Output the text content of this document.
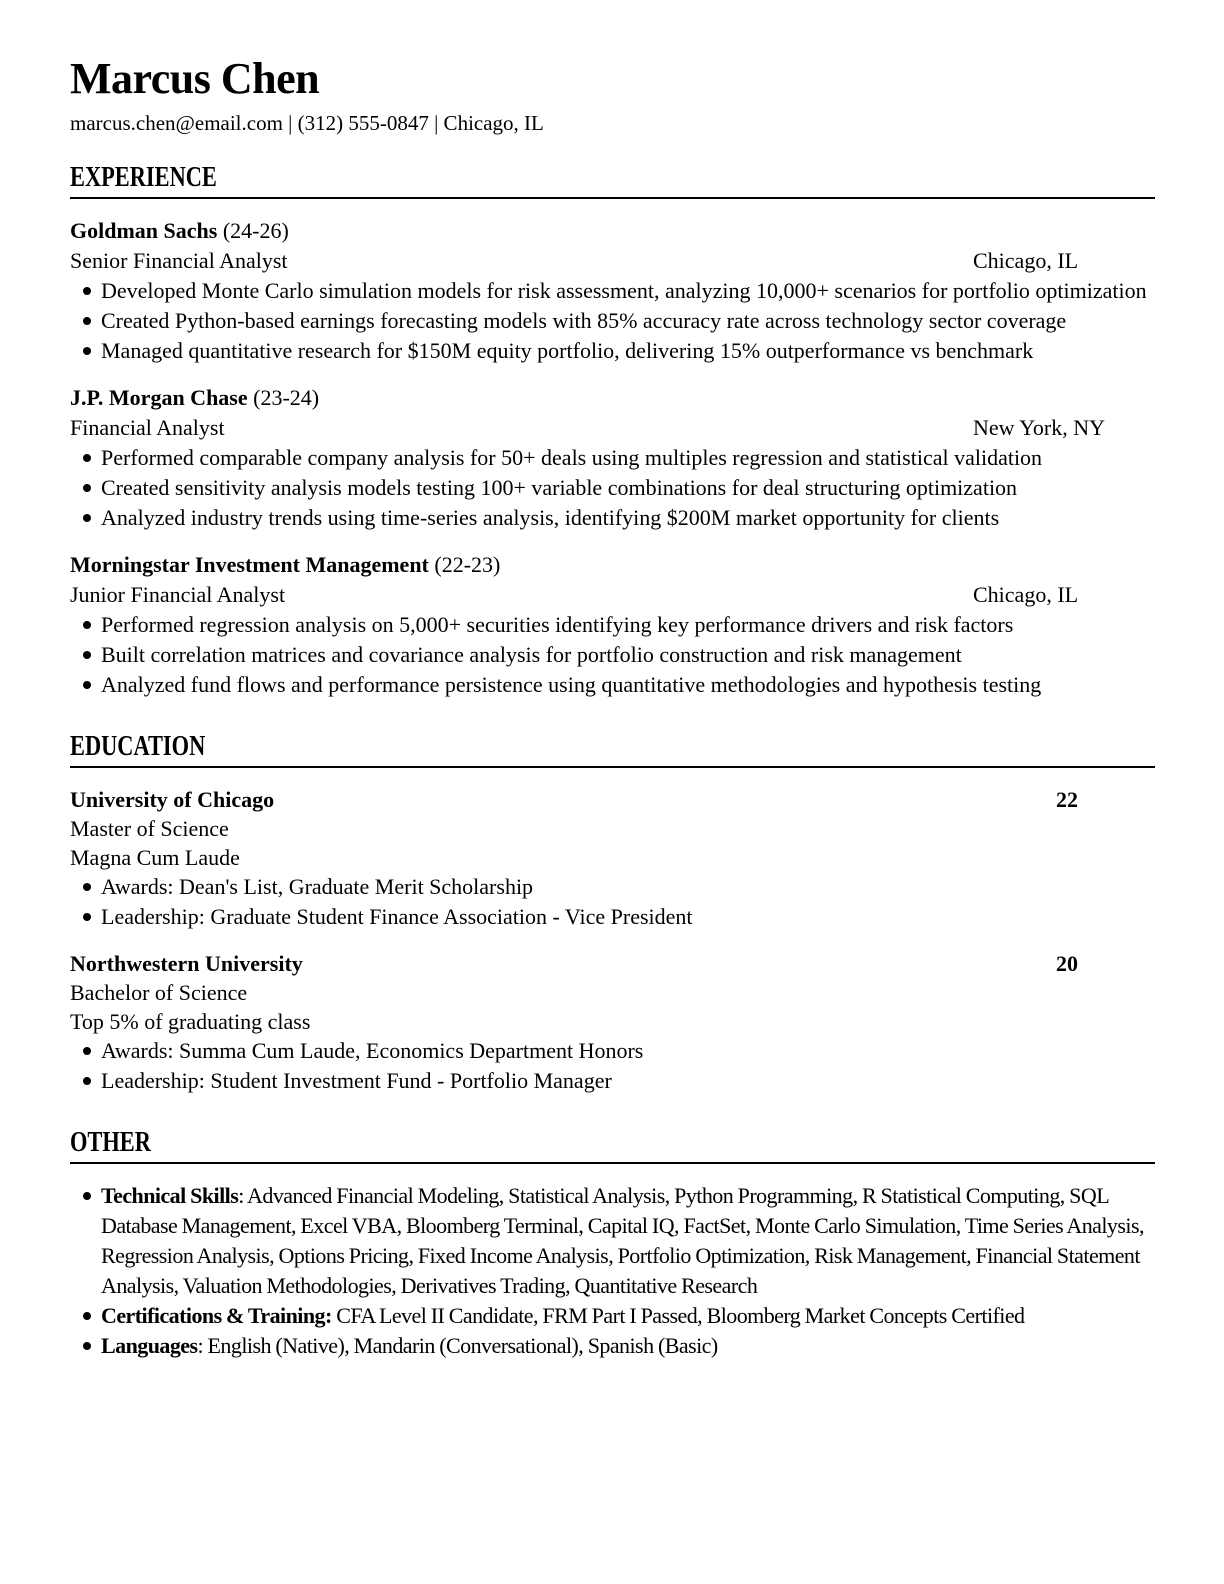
Marcus Chen
marcus.chen@email.com | (312) 555-0847 | Chicago, IL
EXPERIENCE
Goldman Sachs (24-26)
Senior Financial Analyst	Chicago, IL
Developed Monte Carlo simulation models for risk assessment, analyzing 10,000+ scenarios for portfolio optimization
Created Python-based earnings forecasting models with 85% accuracy rate across technology sector coverage
Managed quantitative research for $150M equity portfolio, delivering 15% outperformance vs benchmark
J.P. Morgan Chase (23-24)
Financial Analyst	New York, NY
Performed comparable company analysis for 50+ deals using multiples regression and statistical validation
Created sensitivity analysis models testing 100+ variable combinations for deal structuring optimization
Analyzed industry trends using time-series analysis, identifying $200M market opportunity for clients
Morningstar Investment Management (22-23)
Junior Financial Analyst	Chicago, IL
Performed regression analysis on 5,000+ securities identifying key performance drivers and risk factors
Built correlation matrices and covariance analysis for portfolio construction and risk management
Analyzed fund flows and performance persistence using quantitative methodologies and hypothesis testing
EDUCATION
University of Chicago	22
Master of Science
Magna Cum Laude
Awards: Dean's List, Graduate Merit Scholarship
Leadership: Graduate Student Finance Association - Vice President
Northwestern University	20
Bachelor of Science
Top 5% of graduating class
Awards: Summa Cum Laude, Economics Department Honors
Leadership: Student Investment Fund - Portfolio Manager
OTHER
Technical Skills: Advanced Financial Modeling, Statistical Analysis, Python Programming, R Statistical Computing, SQL Database Management, Excel VBA, Bloomberg Terminal, Capital IQ, FactSet, Monte Carlo Simulation, Time Series Analysis, Regression Analysis, Options Pricing, Fixed Income Analysis, Portfolio Optimization, Risk Management, Financial Statement Analysis, Valuation Methodologies, Derivatives Trading, Quantitative Research
Certifications & Training: CFA Level II Candidate, FRM Part I Passed, Bloomberg Market Concepts Certified
Languages: English (Native), Mandarin (Conversational), Spanish (Basic)
